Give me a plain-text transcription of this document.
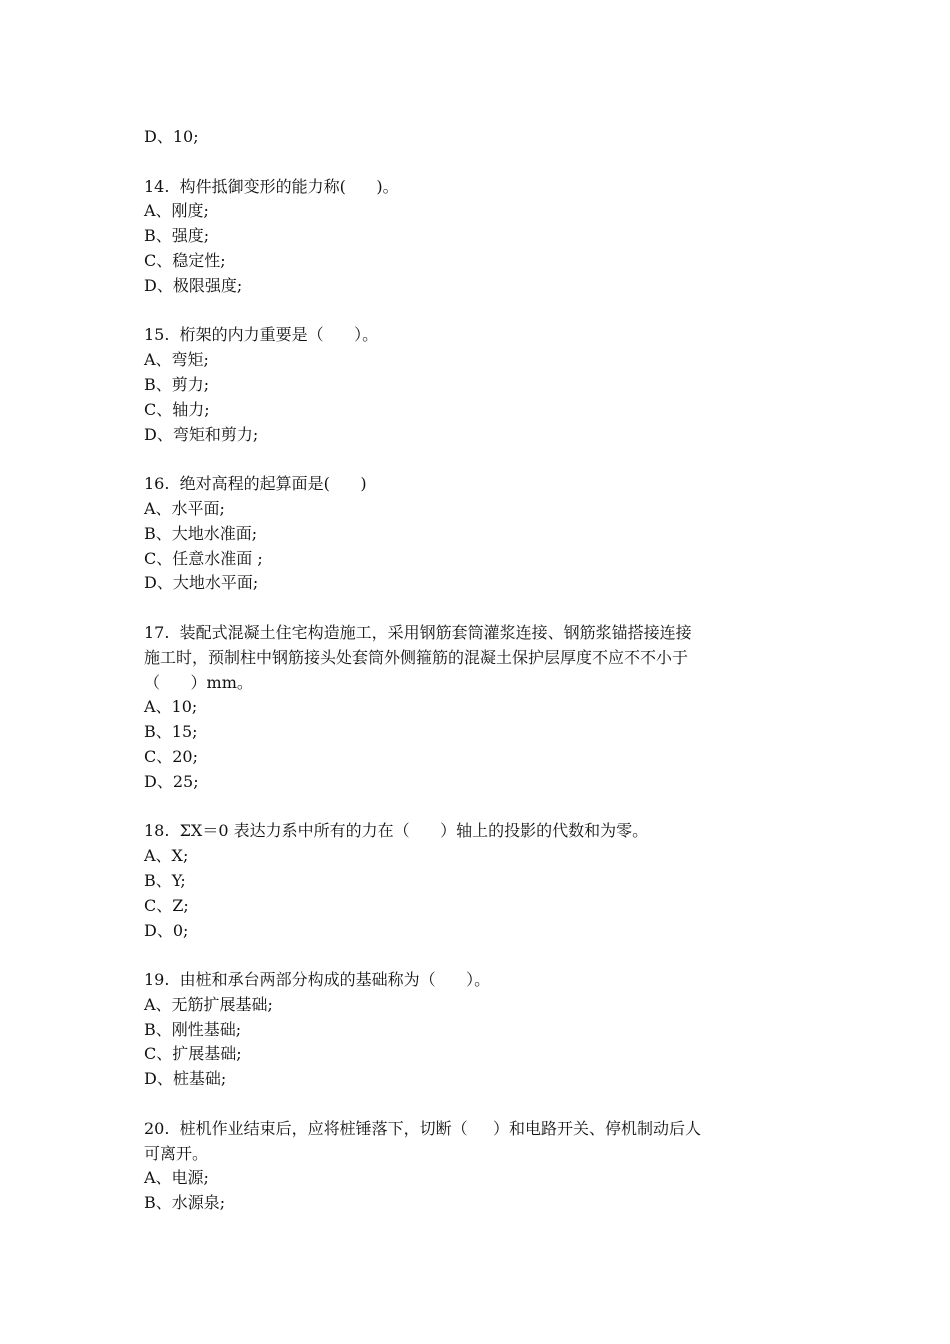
D、10;
14.  构件抵御变形的能力称(      )。
A、刚度;
B、强度;
C、稳定性;
D、极限强度;
15.  桁架的内力重要是（      ）。
A、弯矩;
B、剪力;
C、轴力;
D、弯矩和剪力;
16.  绝对高程的起算面是(      )
A、水平面;
B、大地水准面;
C、任意水准面 ;
D、大地水平面;
17.  装配式混凝土住宅构造施工，采用钢筋套筒灌浆连接、钢筋浆锚搭接连接
施工时，预制柱中钢筋接头处套筒外侧箍筋的混凝土保护层厚度不应不不小于
（      ）mm。
A、10;
B、15;
C、20;
D、25;
18.  ΣX＝0 表达力系中所有的力在（      ）轴上的投影的代数和为零。
A、X;
B、Y;
C、Z;
D、0;
19.  由桩和承台两部分构成的基础称为（      ）。
A、无筋扩展基础;
B、刚性基础;
C、扩展基础;
D、桩基础;
20.  桩机作业结束后，应将桩锤落下，切断（     ）和电路开关、停机制动后人
可离开。
A、电源;
B、水源泉;
